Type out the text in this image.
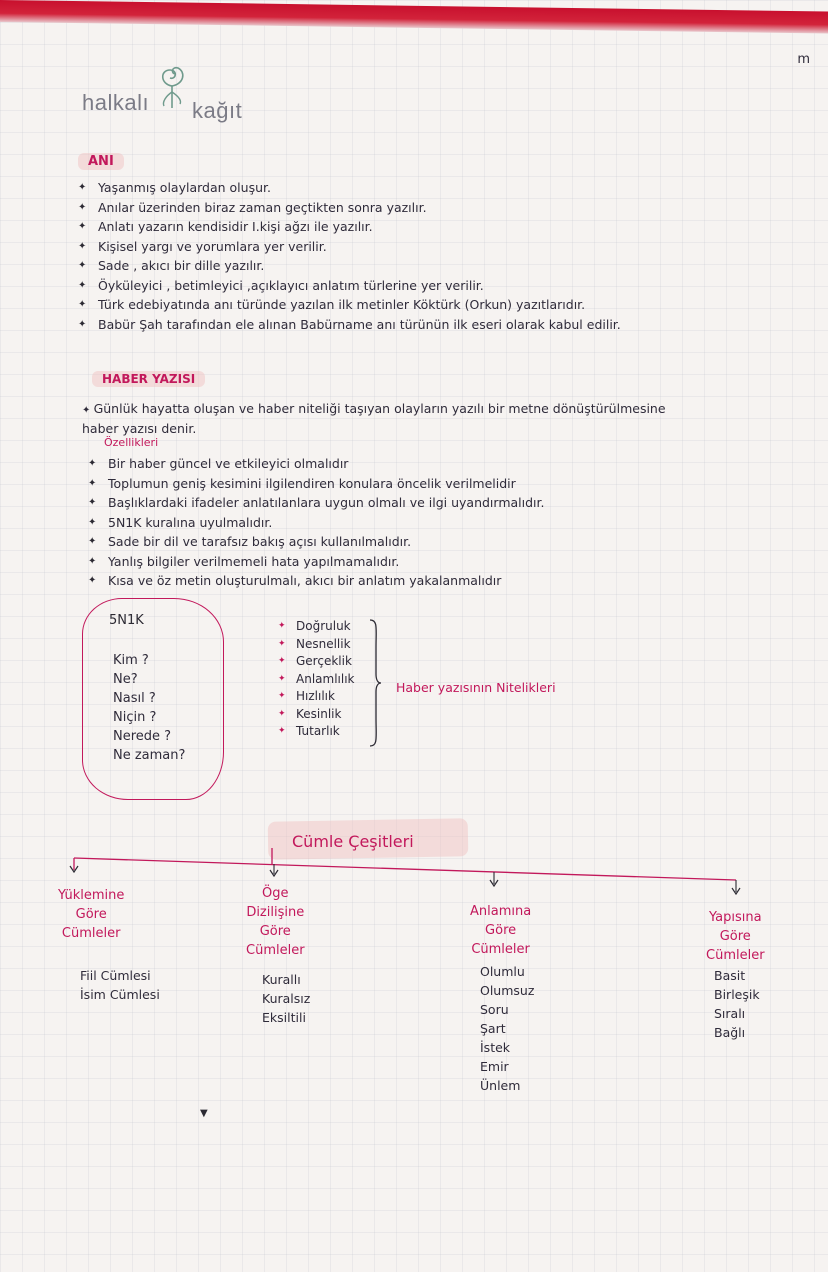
m
halkalı kağıt
ANI
✦ Yaşanmış olaylardan oluşur.
✦ Anılar üzerinden biraz zaman geçtikten sonra yazılır.
✦ Anlatı yazarın kendisidir I.kişi ağzı ile yazılır.
✦ Kişisel yargı ve yorumlara yer verilir.
✦ Sade , akıcı bir dille yazılır.
✦ Öyküleyici , betimleyici ,açıklayıcı anlatım türlerine yer verilir.
✦ Türk edebiyatında anı türünde yazılan ilk metinler Köktürk (Orkun) yazıtlarıdır.
✦ Babür Şah tarafından ele alınan Babürname anı türünün ilk eseri olarak kabul edilir.
HABER YAZISI
✦ Günlük hayatta oluşan ve haber niteliği taşıyan olayların yazılı bir metne dönüştürülmesine
haber yazısı denir.
Özellikleri
✦ Bir haber güncel ve etkileyici olmalıdır
✦ Toplumun geniş kesimini ilgilendiren konulara öncelik verilmelidir
✦ Başlıklardaki ifadeler anlatılanlara uygun olmalı ve ilgi uyandırmalıdır.
✦ 5N1K kuralına uyulmalıdır.
✦ Sade bir dil ve tarafsız bakış açısı kullanılmalıdır.
✦ Yanlış bilgiler verilmemeli hata yapılmamalıdır.
✦ Kısa ve öz metin oluşturulmalı, akıcı bir anlatım yakalanmalıdır
5N1K
Kim ?
Ne?
Nasıl ?
Niçin ?
Nerede ?
Ne zaman?
✦ Doğruluk
✦ Nesnellik
✦ Gerçeklik
✦ Anlamlılık
✦ Hızlılık
✦ Kesinlik
✦ Tutarlık
Haber yazısının Nitelikleri
Cümle Çeşitleri
Yüklemine
Göre
Cümleler
Fiil Cümlesi
İsim Cümlesi
Öge
Dizilişine
Göre
Cümleler
Kurallı
Kuralsız
Eksiltili
Anlamına
Göre
Cümleler
Olumlu
Olumsuz
Soru
Şart
İstek
Emir
Ünlem
Yapısına
Göre
Cümleler
Basit
Birleşik
Sıralı
Bağlı
▼
